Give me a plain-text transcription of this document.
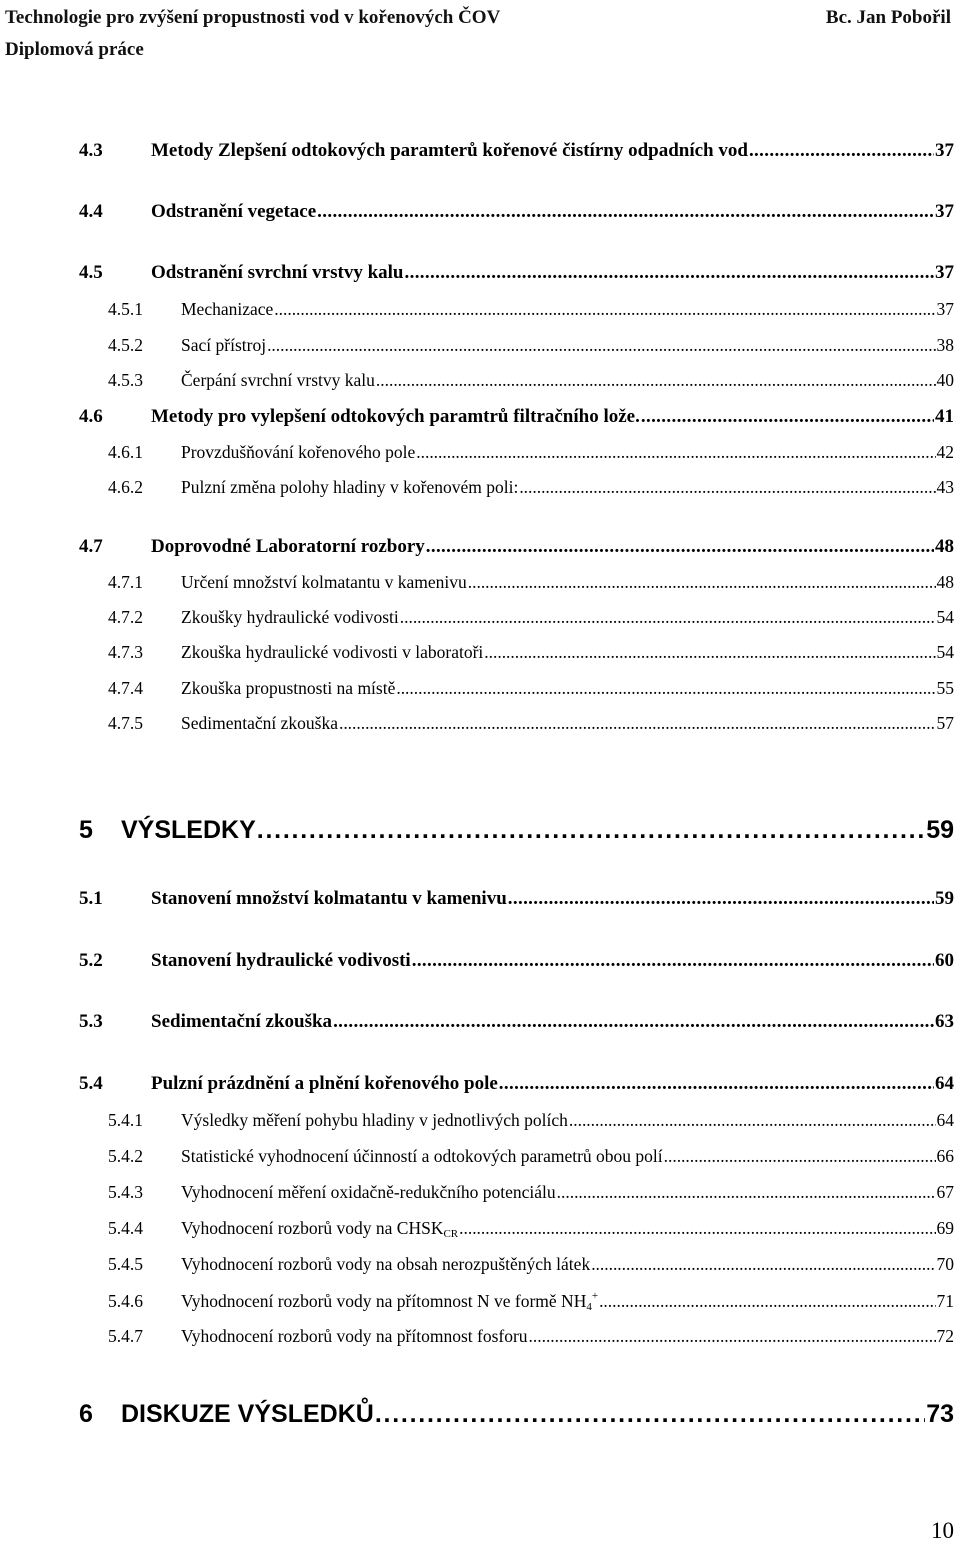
Technologie pro zvýšení propustnosti vod v kořenových ČOV
Diplomová práce
Bc. Jan Pobořil
4.3	Metody Zlepšení odtokových paramterů kořenové čistírny odpadních vod . . .	37
4.4	Odstranění vegetace . . .	37
4.5	Odstranění svrchní vrstvy kalu . . .	37
4.5.1	Mechanizace . . .	37
4.5.2	Sací přístroj . . .	38
4.5.3	Čerpání svrchní vrstvy kalu . . .	40
4.6	Metody pro vylepšení odtokových paramtrů filtračního lože. . . .	41
4.6.1	Provzdušňování kořenového pole . . .	42
4.6.2	Pulzní změna polohy hladiny v kořenovém poli: . . .	43
4.7	Doprovodné Laboratorní rozbory . . .	48
4.7.1	Určení množství kolmatantu v kamenivu . . .	48
4.7.2	Zkoušky hydraulické vodivosti . . .	54
4.7.3	Zkouška hydraulické vodivosti v laboratoři . . .	54
4.7.4	Zkouška propustnosti na místě . . .	55
4.7.5	Sedimentační zkouška . . .	57
5	VÝSLEDKY . . .	59
5.1	Stanovení množství kolmatantu v kamenivu . . .	59
5.2	Stanovení hydraulické vodivosti . . .	60
5.3	Sedimentační zkouška . . .	63
5.4	Pulzní prázdnění a plnění kořenového pole . . .	64
5.4.1	Výsledky měření pohybu hladiny v jednotlivých polích . . .	64
5.4.2	Statistické vyhodnocení účinností a odtokových parametrů obou polí . . .	66
5.4.3	Vyhodnocení měření oxidačně-redukčního potenciálu . . .	67
5.4.4	Vyhodnocení rozborů vody na $CHSK_{CR}$ . . .	69
5.4.5	Vyhodnocení rozborů vody na obsah nerozpuštěných látek . . .	70
5.4.6	Vyhodnocení rozborů vody na přítomnost N ve formě $NH_4^+$ . . .	71
5.4.7	Vyhodnocení rozborů vody na přítomnost fosforu . . .	72
6	DISKUZE VÝSLEDKŮ . . .	73
10
